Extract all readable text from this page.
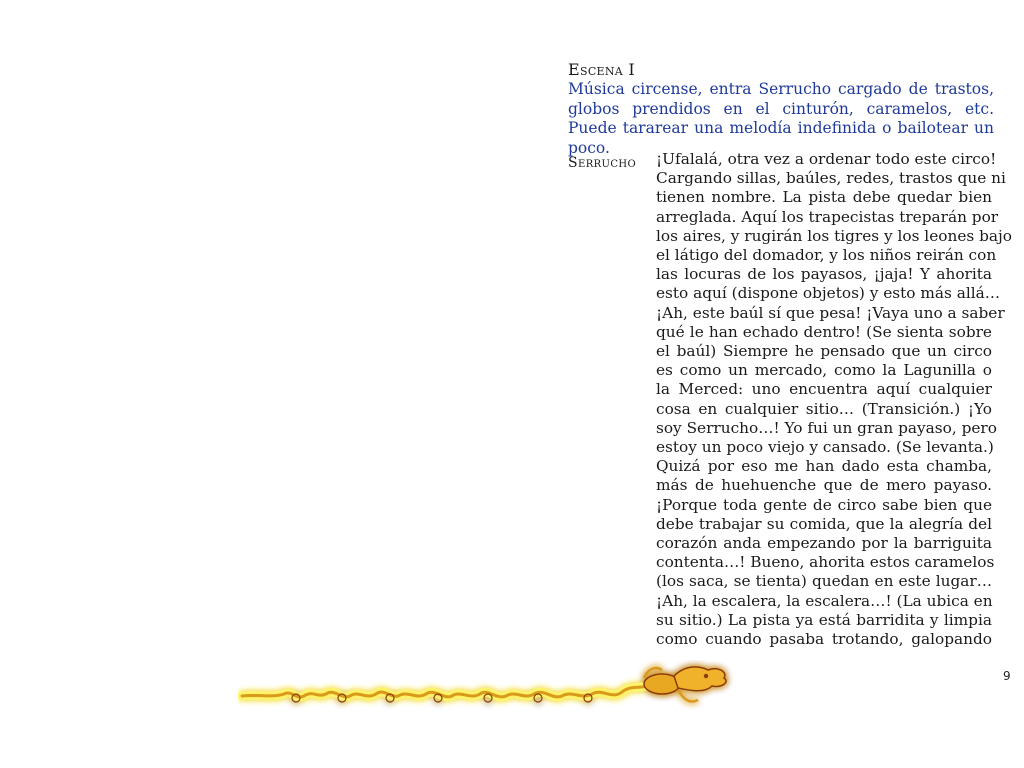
Escena I
Música circense, entra Serrucho cargado de trastos, globos prendidos en el cinturón, caramelos, etc. Puede tararear una melodía indefinida o bailotear un poco.
Serrucho ¡Ufalalá, otra vez a ordenar todo este circo!
Cargando sillas, baúles, redes, trastos que ni
tienen nombre. La pista debe quedar bien
arreglada. Aquí los trapecistas treparán por
los aires, y rugirán los tigres y los leones bajo
el látigo del domador, y los niños reirán con
las locuras de los payasos, ¡jaja! Y ahorita
esto aquí (dispone objetos) y esto más allá…
¡Ah, este baúl sí que pesa! ¡Vaya uno a saber
qué le han echado dentro! (Se sienta sobre
el baúl) Siempre he pensado que un circo
es como un mercado, como la Lagunilla o
la Merced: uno encuentra aquí cualquier
cosa en cualquier sitio… (Transición.) ¡Yo
soy Serrucho…! Yo fui un gran payaso, pero
estoy un poco viejo y cansado. (Se levanta.)
Quizá por eso me han dado esta chamba,
más de huehuenche que de mero payaso.
¡Porque toda gente de circo sabe bien que
debe trabajar su comida, que la alegría del
corazón anda empezando por la barriguita
contenta…! Bueno, ahorita estos caramelos
(los saca, se tienta) quedan en este lugar…
¡Ah, la escalera, la escalera…! (La ubica en
su sitio.) La pista ya está barridita y limpia
como cuando pasaba trotando, galopando
9
